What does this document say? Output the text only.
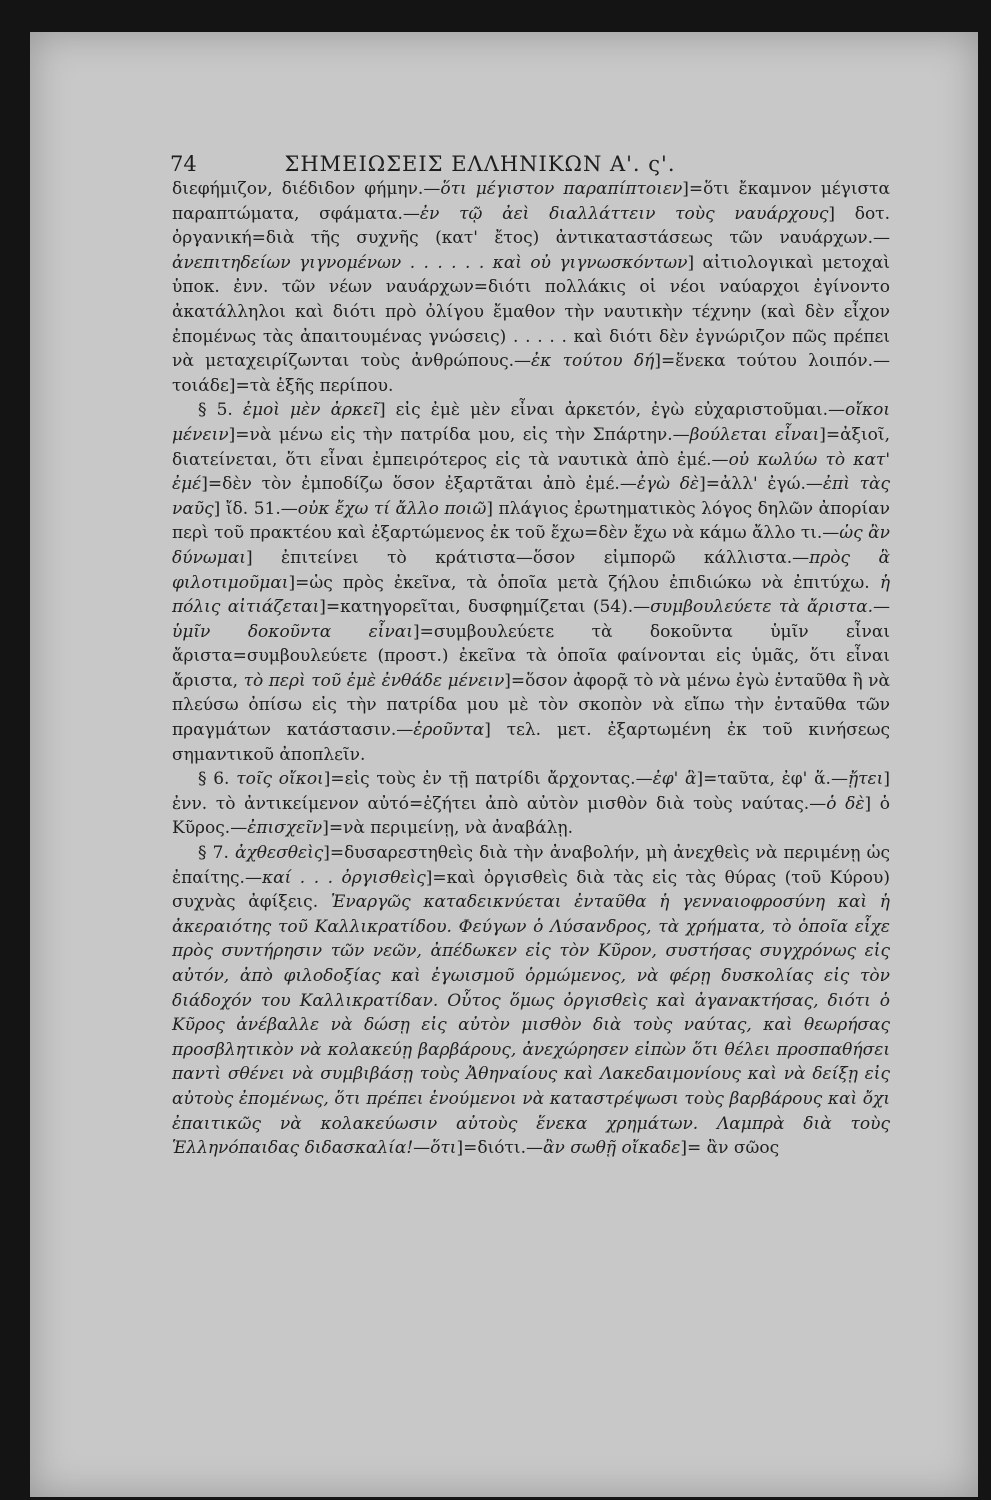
74	ΣΗΜΕΙΩΣΕΙΣ ΕΛΛΗΝΙΚΩΝ Α'. ς'.

διεφήμιζον, διέδιδον φήμην.—ὅτι μέγιστον παραπίπτοιεν]=ὅτι ἔκαμνον μέγιστα παραπτώματα, σφάματα.—ἐν τῷ ἀεὶ διαλλάττειν τοὺς ναυάρχους] δοτ. ὀργανική=διὰ τῆς συχνῆς (κατ' ἔτος) ἀντικαταστάσεως τῶν ναυάρχων.—ἀνεπιτηδείων γιγνομένων . . . . . . καὶ οὐ γιγνωσκόντων] αἰτιολογικαὶ μετοχαὶ ὑποκ. ἐνν. τῶν νέων ναυάρχων=διότι πολλάκις οἱ νέοι ναύαρχοι ἐγίνοντο ἀκατάλληλοι καὶ διότι πρὸ ὀλίγου ἔμαθον τὴν ναυτικὴν τέχνην (καὶ δὲν εἶχον ἐπομένως τὰς ἀπαιτουμένας γνώσεις) . . . . . καὶ διότι δὲν ἐγνώριζον πῶς πρέπει νὰ μεταχειρίζωνται τοὺς ἀνθρώπους.—ἐκ τούτου δή]=ἕνεκα τούτου λοιπόν.—τοιάδε]=τὰ ἑξῆς περίπου.

§ 5. ἐμοὶ μὲν ἀρκεῖ] εἰς ἐμὲ μὲν εἶναι ἀρκετόν, ἐγὼ εὐχαριστοῦμαι.—οἴκοι μένειν]=νὰ μένω εἰς τὴν πατρίδα μου, εἰς τὴν Σπάρτην.—βούλεται εἶναι]=ἀξιοῖ, διατείνεται, ὅτι εἶναι ἐμπειρότερος εἰς τὰ ναυτικὰ ἀπὸ ἐμέ.—οὐ κωλύω τὸ κατ' ἐμέ]=δὲν τὸν ἐμποδίζω ὅσον ἐξαρτᾶται ἀπὸ ἐμέ.—ἐγὼ δὲ]=ἀλλ' ἐγώ.—ἐπὶ τὰς ναῦς] ἴδ. 51.—οὐκ ἔχω τί ἄλλο ποιῶ] πλάγιος ἐρωτηματικὸς λόγος δηλῶν ἀπορίαν περὶ τοῦ πρακτέου καὶ ἐξαρτώμενος ἐκ τοῦ ἔχω=δὲν ἔχω νὰ κάμω ἄλλο τι.—ὡς ἂν δύνωμαι] ἐπιτείνει τὸ κράτιστα—ὅσον εἰμπορῶ κάλλιστα.—πρὸς ἃ φιλοτιμοῦμαι]=ὡς πρὸς ἐκεῖνα, τὰ ὁποῖα μετὰ ζήλου ἐπιδιώκω νὰ ἐπιτύχω. ἡ πόλις αἰτιάζεται]=κατηγορεῖται, δυσφημίζεται (54).—συμβουλεύετε τὰ ἄριστα.—ὑμῖν δοκοῦντα εἶναι]=συμβουλεύετε τὰ δοκοῦντα ὑμῖν εἶναι ἄριστα=συμβουλεύετε (προστ.) ἐκεῖνα τὰ ὁποῖα φαίνονται εἰς ὑμᾶς, ὅτι εἶναι ἄριστα, τὸ περὶ τοῦ ἐμὲ ἐνθάδε μένειν]=ὅσον ἀφορᾷ τὸ νὰ μένω ἐγὼ ἐνταῦθα ἢ νὰ πλεύσω ὀπίσω εἰς τὴν πατρίδα μου μὲ τὸν σκοπὸν νὰ εἴπω τὴν ἐνταῦθα τῶν πραγμάτων κατάστασιν.—ἐροῦντα] τελ. μετ. ἐξαρτωμένη ἐκ τοῦ κινήσεως σημαντικοῦ ἀποπλεῖν.

§ 6. τοῖς οἴκοι]=εἰς τοὺς ἐν τῇ πατρίδι ἄρχοντας.—ἐφ' ἃ]=ταῦτα, ἐφ' ἅ.—ᾔτει] ἐνν. τὸ ἀντικείμενον αὐτό=ἐζήτει ἀπὸ αὐτὸν μισθὸν διὰ τοὺς ναύτας.—ὁ δὲ] ὁ Κῦρος.—ἐπισχεῖν]=νὰ περιμείνῃ, νὰ ἀναβάλῃ.

§ 7. ἀχθεσθεὶς]=δυσαρεστηθεὶς διὰ τὴν ἀναβολήν, μὴ ἀνεχθεὶς νὰ περιμένῃ ὡς ἐπαίτης.—καί . . . ὀργισθεὶς]=καὶ ὀργισθεὶς διὰ τὰς εἰς τὰς θύρας (τοῦ Κύρου) συχνὰς ἀφίξεις. Ἐναργῶς καταδεικνύεται ἐνταῦθα ἡ γενναιοφροσύνη καὶ ἡ ἀκεραιότης τοῦ Καλλικρατίδου. Φεύγων ὁ Λύσανδρος, τὰ χρήματα, τὸ ὁποῖα εἶχε πρὸς συντήρησιν τῶν νεῶν, ἀπέδωκεν εἰς τὸν Κῦρον, συστήσας συγχρόνως εἰς αὐτόν, ἀπὸ φιλοδοξίας καὶ ἐγωισμοῦ ὁρμώμενος, νὰ φέρῃ δυσκολίας εἰς τὸν διάδοχόν του Καλλικρατίδαν. Οὗτος ὅμως ὀργισθεὶς καὶ ἀγανακτήσας, διότι ὁ Κῦρος ἀνέβαλλε νὰ δώσῃ εἰς αὐτὸν μισθὸν διὰ τοὺς ναύτας, καὶ θεωρήσας προσβλητικὸν νὰ κολακεύῃ βαρβάρους, ἀνεχώρησεν εἰπὼν ὅτι θέλει προσπαθήσει παντὶ σθένει νὰ συμβιβάσῃ τοὺς Ἀθηναίους καὶ Λακεδαιμονίους καὶ νὰ δείξῃ εἰς αὐτοὺς ἐπομένως, ὅτι πρέπει ἑνούμενοι νὰ καταστρέψωσι τοὺς βαρβάρους καὶ ὄχι ἐπαιτικῶς νὰ κολακεύωσιν αὐτοὺς ἕνεκα χρημάτων. Λαμπρὰ διὰ τοὺς Ἑλληνόπαιδας διδασκαλία!—ὅτι]=διότι.—ἂν σωθῇ οἴκαδε]= ἂν σῶος
